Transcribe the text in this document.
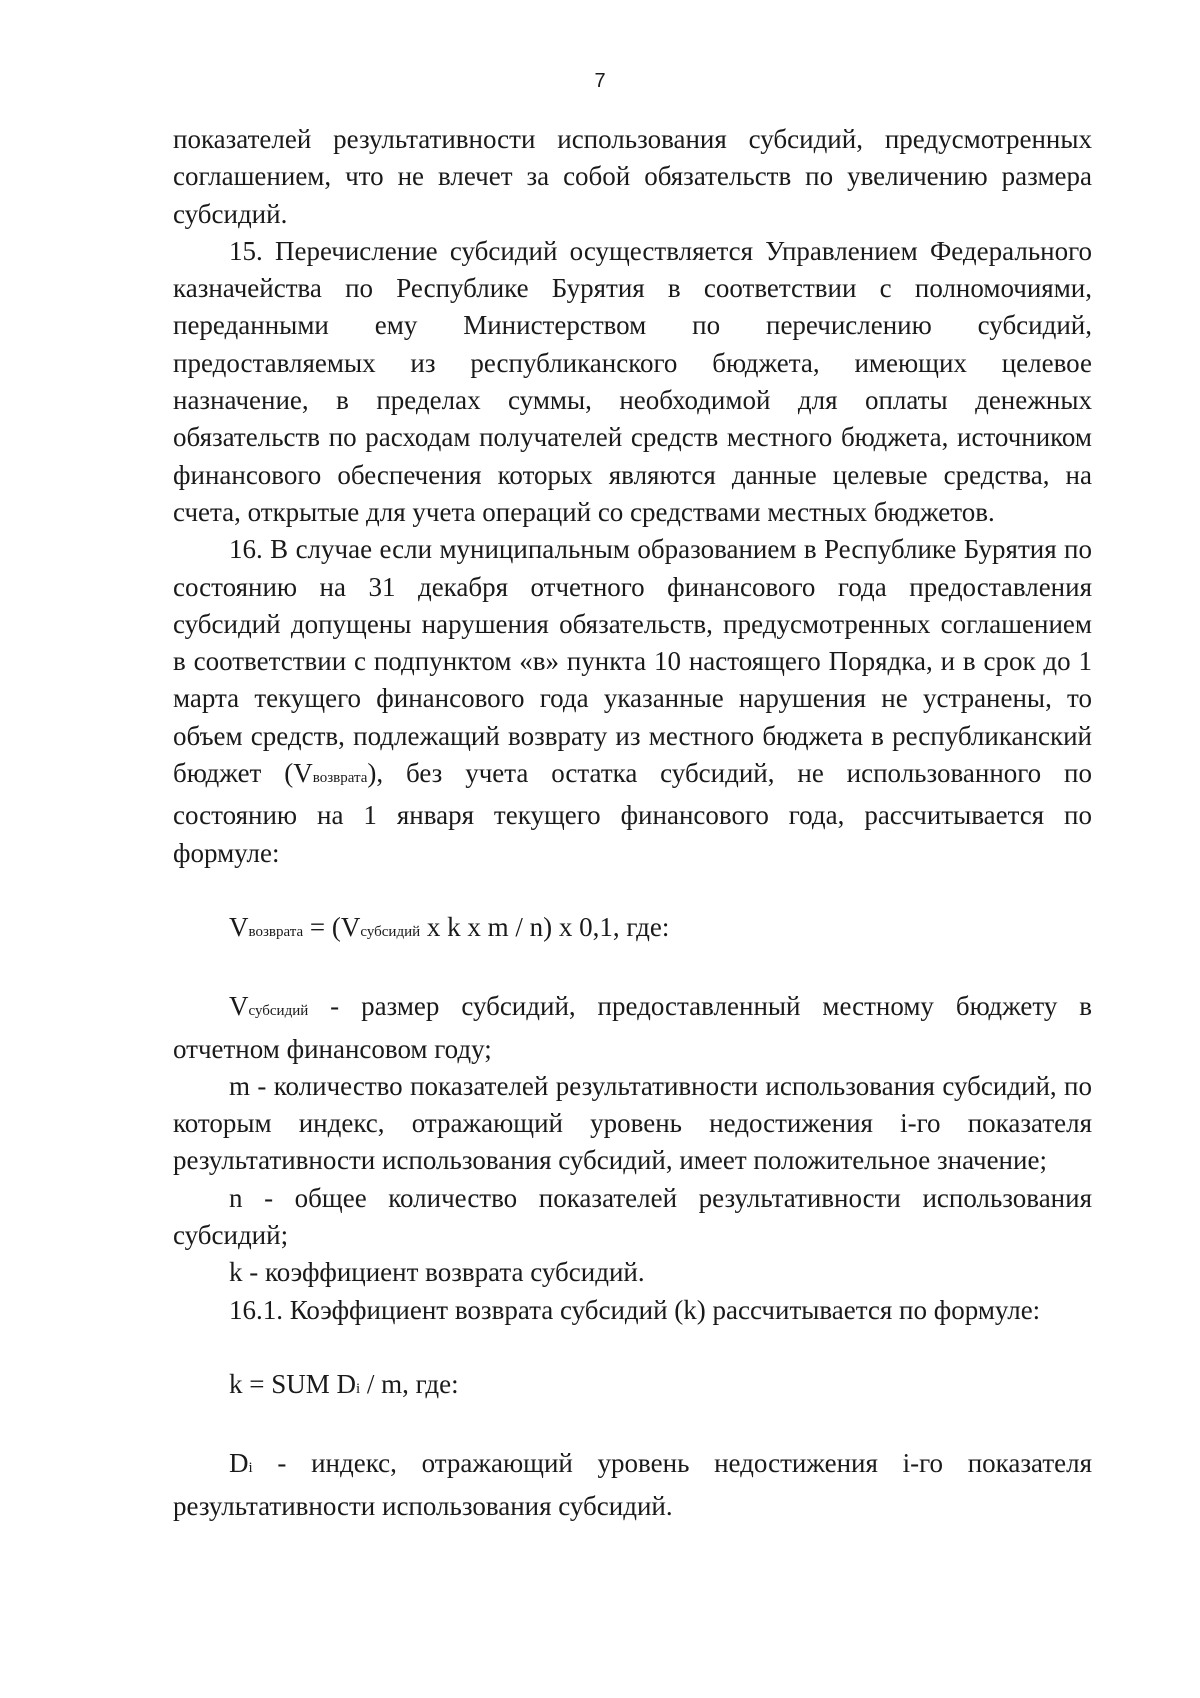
7

показателей результативности использования субсидий, предусмотренных соглашением, что не влечет за собой обязательств по увеличению размера субсидий.

15. Перечисление субсидий осуществляется Управлением Федерального казначейства по Республике Бурятия в соответствии с полномочиями, переданными ему Министерством по перечислению субсидий, предоставляемых из республиканского бюджета, имеющих целевое назначение, в пределах суммы, необходимой для оплаты денежных обязательств по расходам получателей средств местного бюджета, источником финансового обеспечения которых являются данные целевые средства, на счета, открытые для учета операций со средствами местных бюджетов.

16. В случае если муниципальным образованием в Республике Бурятия по состоянию на 31 декабря отчетного финансового года предоставления субсидий допущены нарушения обязательств, предусмотренных соглашением в соответствии с подпунктом «в» пункта 10 настоящего Порядка, и в срок до 1 марта текущего финансового года указанные нарушения не устранены, то объем средств, подлежащий возврату из местного бюджета в республиканский бюджет (Vвозврата), без учета остатка субсидий, не использованного по состоянию на 1 января текущего финансового года, рассчитывается по формуле:

Vвозврата = (Vсубсидий x k x m / n) x 0,1, где:

Vсубсидий - размер субсидий, предоставленный местному бюджету в отчетном финансовом году;

m - количество показателей результативности использования субсидий, по которым индекс, отражающий уровень недостижения i-го показателя результативности использования субсидий, имеет положительное значение;

n - общее количество показателей результативности использования субсидий;

k - коэффициент возврата субсидий.

16.1. Коэффициент возврата субсидий (k) рассчитывается по формуле:

k = SUM Di / m, где:

Di - индекс, отражающий уровень недостижения i-го показателя результативности использования субсидий.
